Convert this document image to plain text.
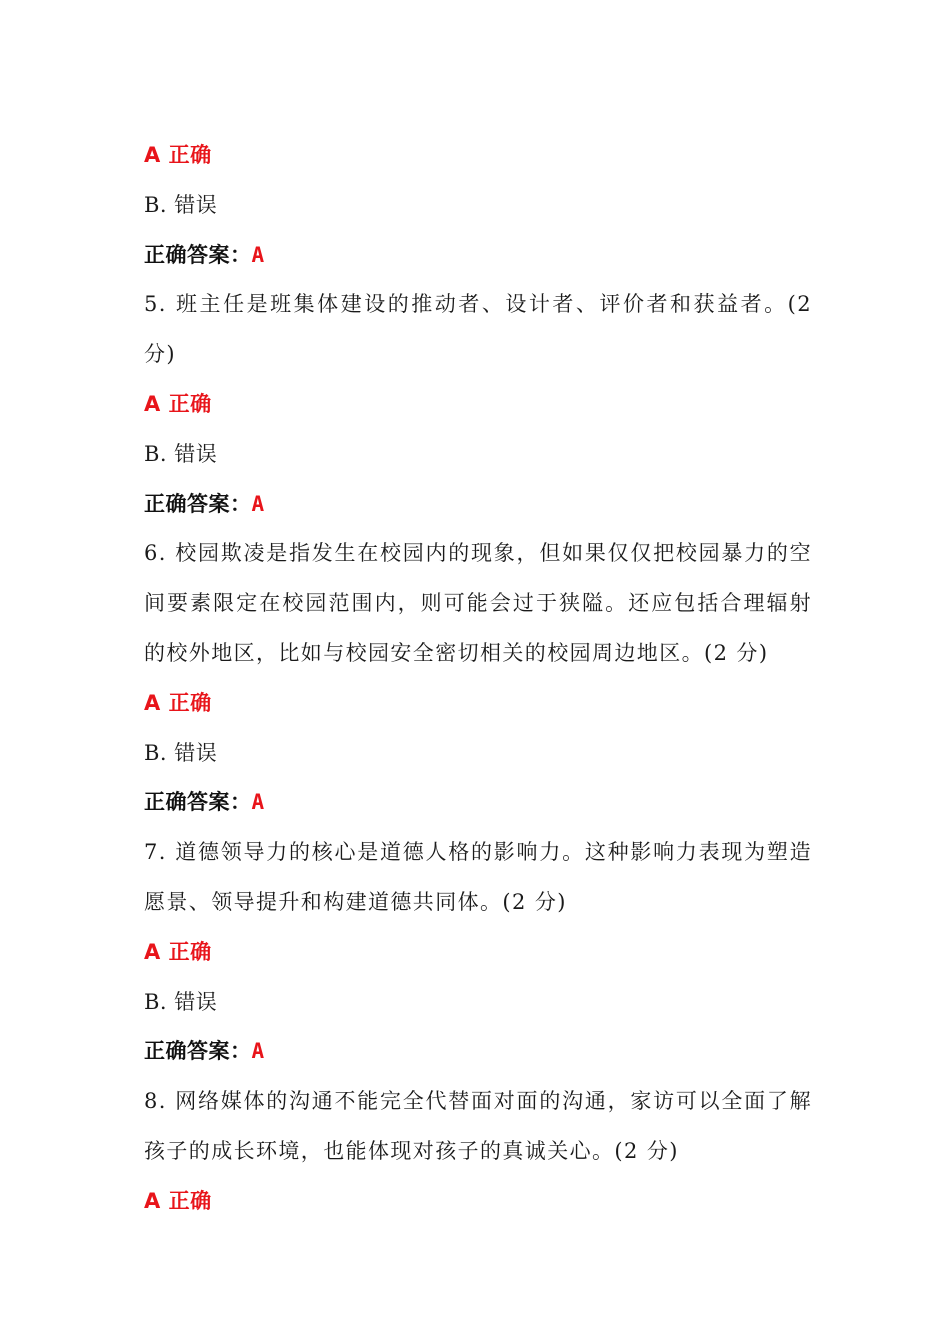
A 正确
B. 错误
正确答案：A
5. 班主任是班集体建设的推动者、设计者、评价者和获益者。(2 分)
A 正确
B. 错误
正确答案：A
6. 校园欺凌是指发生在校园内的现象，但如果仅仅把校园暴力的空间要素限定在校园范围内，则可能会过于狭隘。还应包括合理辐射的校外地区，比如与校园安全密切相关的校园周边地区。(2 分)
A 正确
B. 错误
正确答案：A
7. 道德领导力的核心是道德人格的影响力。这种影响力表现为塑造愿景、领导提升和构建道德共同体。(2 分)
A 正确
B. 错误
正确答案：A
8. 网络媒体的沟通不能完全代替面对面的沟通，家访可以全面了解孩子的成长环境，也能体现对孩子的真诚关心。(2 分)
A 正确
